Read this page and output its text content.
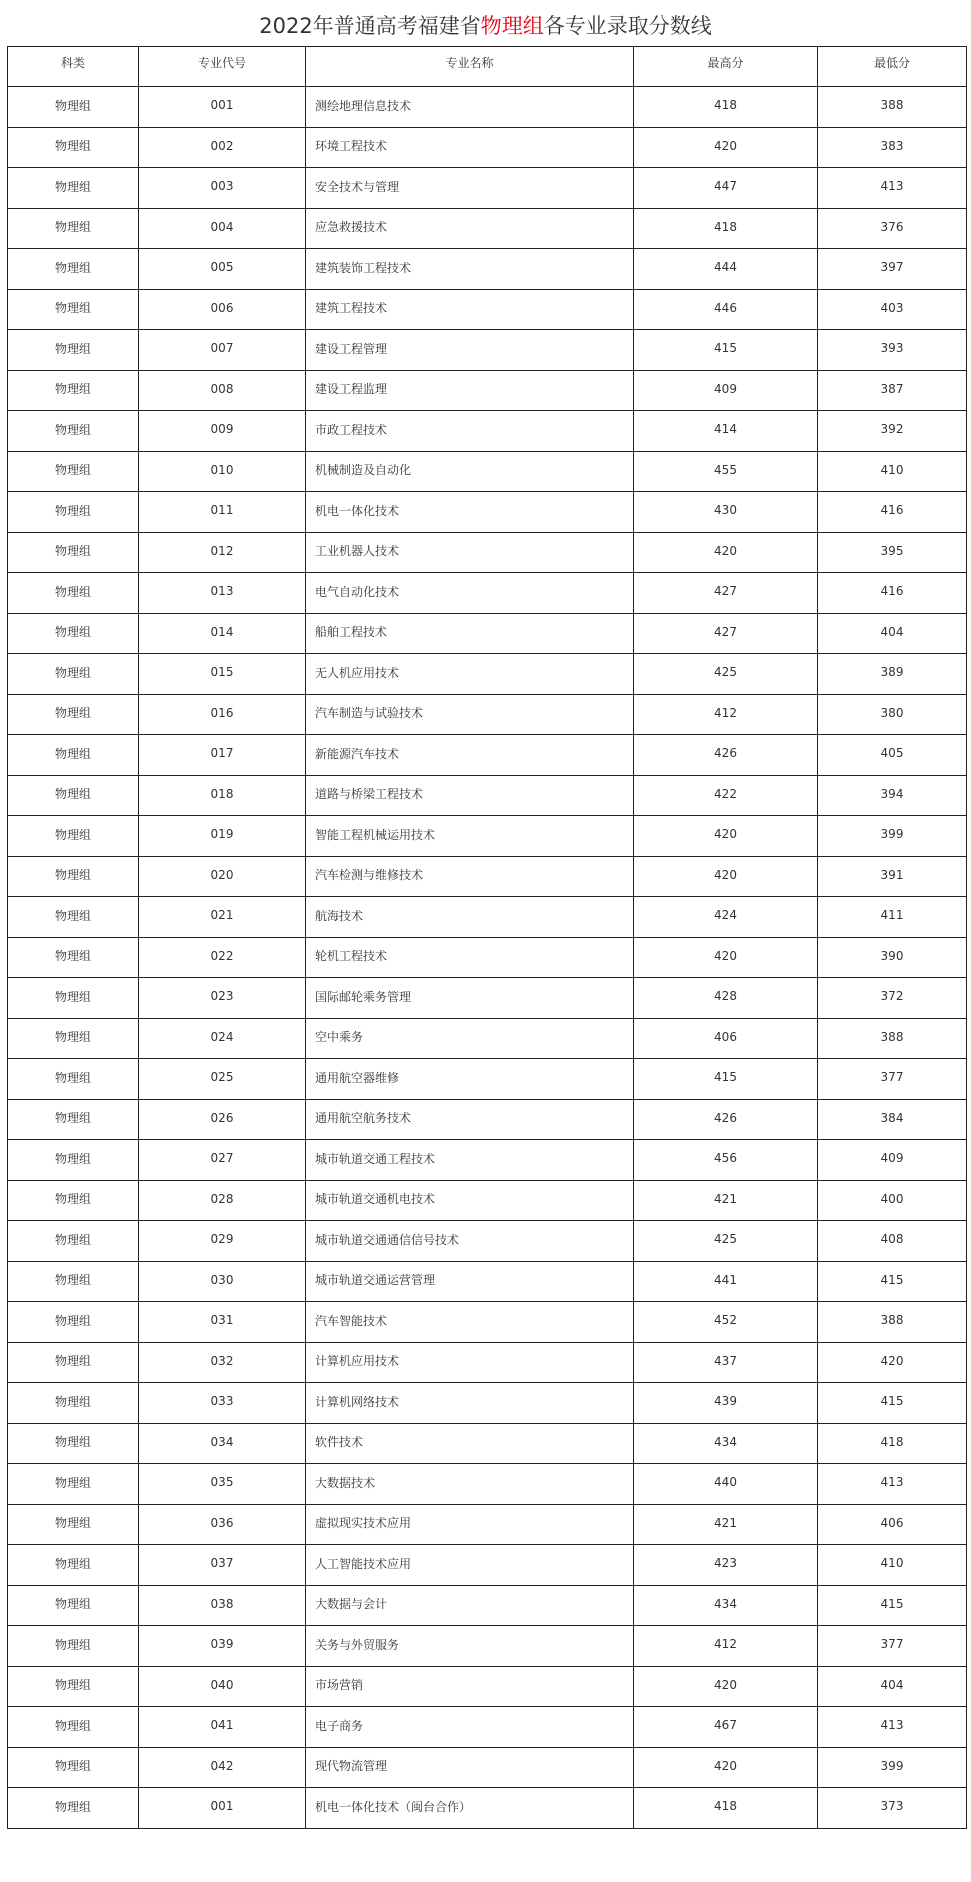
2022年普通高考福建省物理组各专业录取分数线
科类	专业代号	专业名称	最高分	最低分
物理组	001	测绘地理信息技术	418	388
物理组	002	环境工程技术	420	383
物理组	003	安全技术与管理	447	413
物理组	004	应急救援技术	418	376
物理组	005	建筑装饰工程技术	444	397
物理组	006	建筑工程技术	446	403
物理组	007	建设工程管理	415	393
物理组	008	建设工程监理	409	387
物理组	009	市政工程技术	414	392
物理组	010	机械制造及自动化	455	410
物理组	011	机电一体化技术	430	416
物理组	012	工业机器人技术	420	395
物理组	013	电气自动化技术	427	416
物理组	014	船舶工程技术	427	404
物理组	015	无人机应用技术	425	389
物理组	016	汽车制造与试验技术	412	380
物理组	017	新能源汽车技术	426	405
物理组	018	道路与桥梁工程技术	422	394
物理组	019	智能工程机械运用技术	420	399
物理组	020	汽车检测与维修技术	420	391
物理组	021	航海技术	424	411
物理组	022	轮机工程技术	420	390
物理组	023	国际邮轮乘务管理	428	372
物理组	024	空中乘务	406	388
物理组	025	通用航空器维修	415	377
物理组	026	通用航空航务技术	426	384
物理组	027	城市轨道交通工程技术	456	409
物理组	028	城市轨道交通机电技术	421	400
物理组	029	城市轨道交通通信信号技术	425	408
物理组	030	城市轨道交通运营管理	441	415
物理组	031	汽车智能技术	452	388
物理组	032	计算机应用技术	437	420
物理组	033	计算机网络技术	439	415
物理组	034	软件技术	434	418
物理组	035	大数据技术	440	413
物理组	036	虚拟现实技术应用	421	406
物理组	037	人工智能技术应用	423	410
物理组	038	大数据与会计	434	415
物理组	039	关务与外贸服务	412	377
物理组	040	市场营销	420	404
物理组	041	电子商务	467	413
物理组	042	现代物流管理	420	399
物理组	001	机电一体化技术（闽台合作）	418	373
